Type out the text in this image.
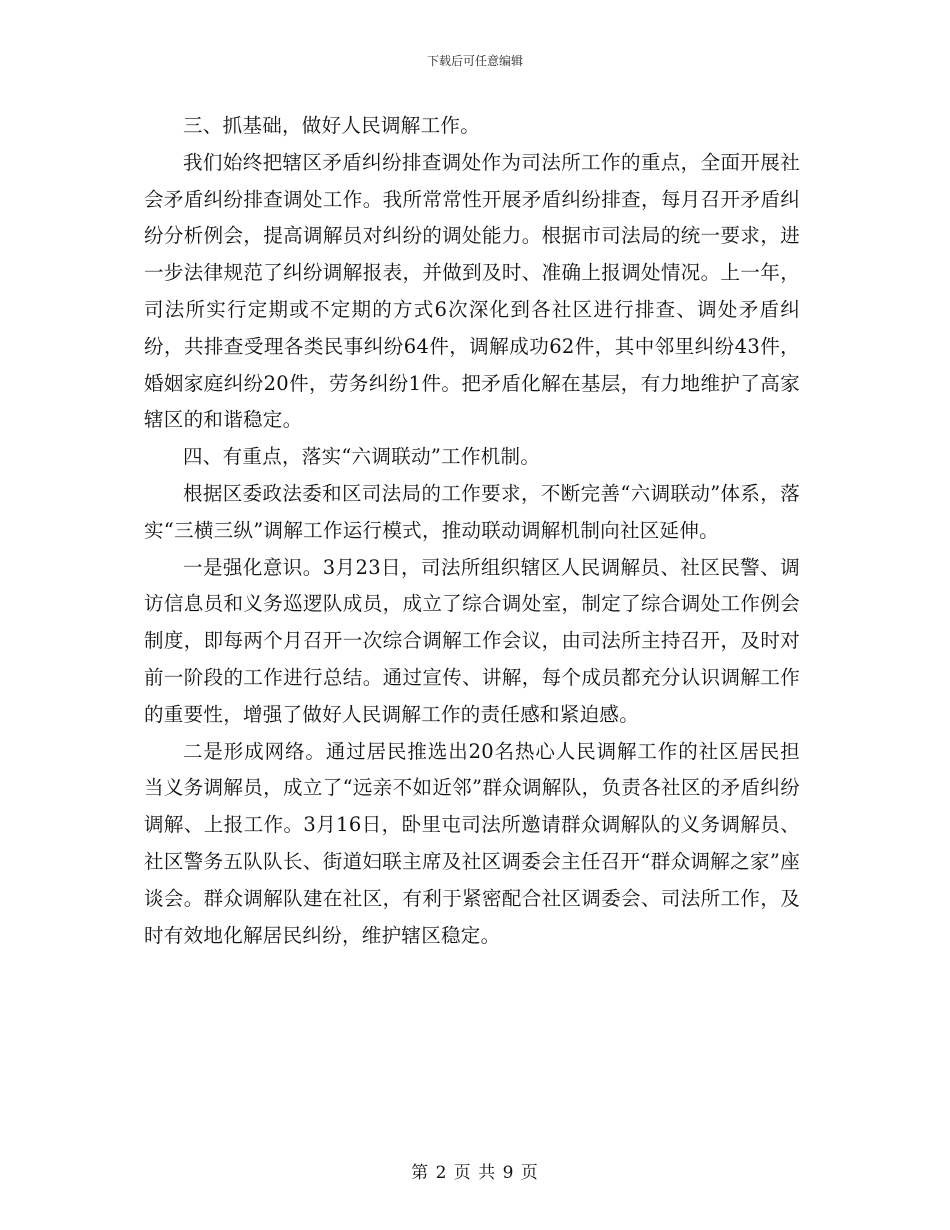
下载后可任意编辑

三、抓基础，做好人民调解工作。

我们始终把辖区矛盾纠纷排查调处作为司法所工作的重点，全面开展社会矛盾纠纷排查调处工作。我所常常性开展矛盾纠纷排查，每月召开矛盾纠纷分析例会，提高调解员对纠纷的调处能力。根据市司法局的统一要求，进一步法律规范了纠纷调解报表，并做到及时、准确上报调处情况。上一年，司法所实行定期或不定期的方式6次深化到各社区进行排查、调处矛盾纠纷，共排查受理各类民事纠纷64件，调解成功62件，其中邻里纠纷43件，婚姻家庭纠纷20件，劳务纠纷1件。把矛盾化解在基层，有力地维护了高家辖区的和谐稳定。

四、有重点，落实“六调联动”工作机制。

根据区委政法委和区司法局的工作要求，不断完善“六调联动”体系，落实“三横三纵”调解工作运行模式，推动联动调解机制向社区延伸。

一是强化意识。3月23日，司法所组织辖区人民调解员、社区民警、调访信息员和义务巡逻队成员，成立了综合调处室，制定了综合调处工作例会制度，即每两个月召开一次综合调解工作会议，由司法所主持召开，及时对前一阶段的工作进行总结。通过宣传、讲解，每个成员都充分认识调解工作的重要性，增强了做好人民调解工作的责任感和紧迫感。

二是形成网络。通过居民推选出20名热心人民调解工作的社区居民担当义务调解员，成立了“远亲不如近邻”群众调解队，负责各社区的矛盾纠纷调解、上报工作。3月16日，卧里屯司法所邀请群众调解队的义务调解员、社区警务五队队长、街道妇联主席及社区调委会主任召开“群众调解之家”座谈会。群众调解队建在社区，有利于紧密配合社区调委会、司法所工作，及时有效地化解居民纠纷，维护辖区稳定。

第 2 页 共 9 页
